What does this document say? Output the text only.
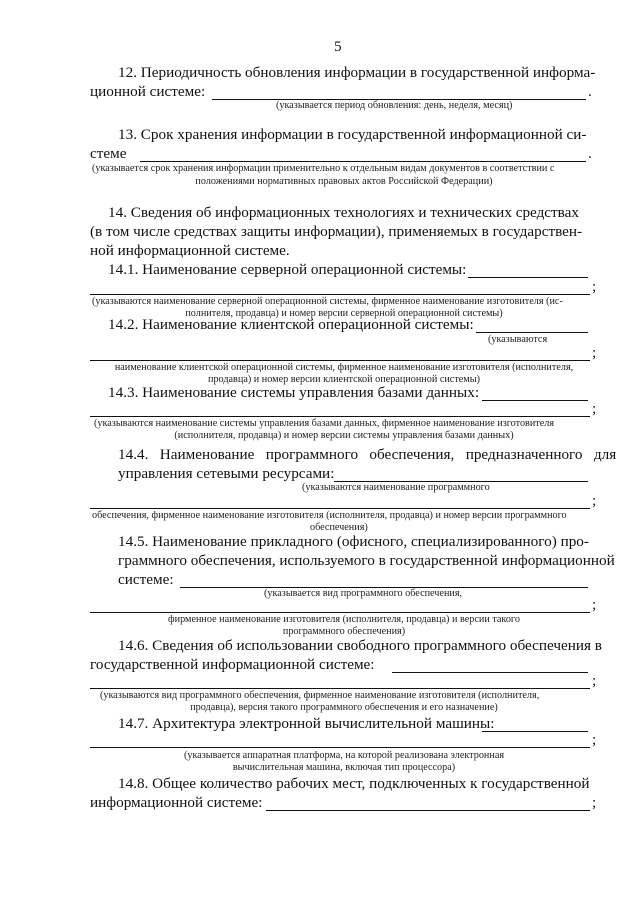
5
12. Периодичность обновления информации в государственной информа-
ционной системе:	.
(указывается период обновления: день, неделя, месяц)
13. Срок хранения информации в государственной информационной си-
стеме	.
(указывается срок хранения информации применительно к отдельным видам документов в соответствии с
положениями нормативных правовых актов Российской Федерации)
14. Сведения об информационных технологиях и технических средствах
(в том числе средствах защиты информации), применяемых в государствен-
ной информационной системе.
14.1. Наименование серверной операционной системы:
;
(указываются наименование серверной операционной системы, фирменное наименование изготовителя (ис-
полнителя, продавца) и номер версии серверной операционной системы)
14.2. Наименование клиентской операционной системы:
(указываются
;
наименование клиентской операционной системы, фирменное наименование изготовителя (исполнителя,
продавца) и номер версии клиентской операционной системы)
14.3. Наименование системы управления базами данных:
;
(указываются наименование системы управления базами данных, фирменное наименование изготовителя
(исполнителя, продавца) и номер версии системы управления базами данных)
14.4.   Наименование   программного   обеспечения,   предназначенного   для
управления сетевыми ресурсами:
(указываются наименование программного
;
обеспечения, фирменное наименование изготовителя (исполнителя, продавца) и номер версии программного
обеспечения)
14.5. Наименование прикладного (офисного, специализированного) про-
граммного обеспечения, используемого в государственной информационной
системе:
(указывается вид программного обеспечения,
;
фирменное наименование изготовителя (исполнителя, продавца) и версии такого
программного обеспечения)
14.6. Сведения об использовании свободного программного обеспечения в
государственной информационной системе:
;
(указываются вид программного обеспечения, фирменное наименование изготовителя (исполнителя,
продавца), версия такого программного обеспечения и его назначение)
14.7. Архитектура электронной вычислительной машины:
;
(указывается аппаратная платформа, на которой реализована электронная
вычислительная машина, включая тип процессора)
14.8. Общее количество рабочих мест, подключенных к государственной
информационной системе:	;
